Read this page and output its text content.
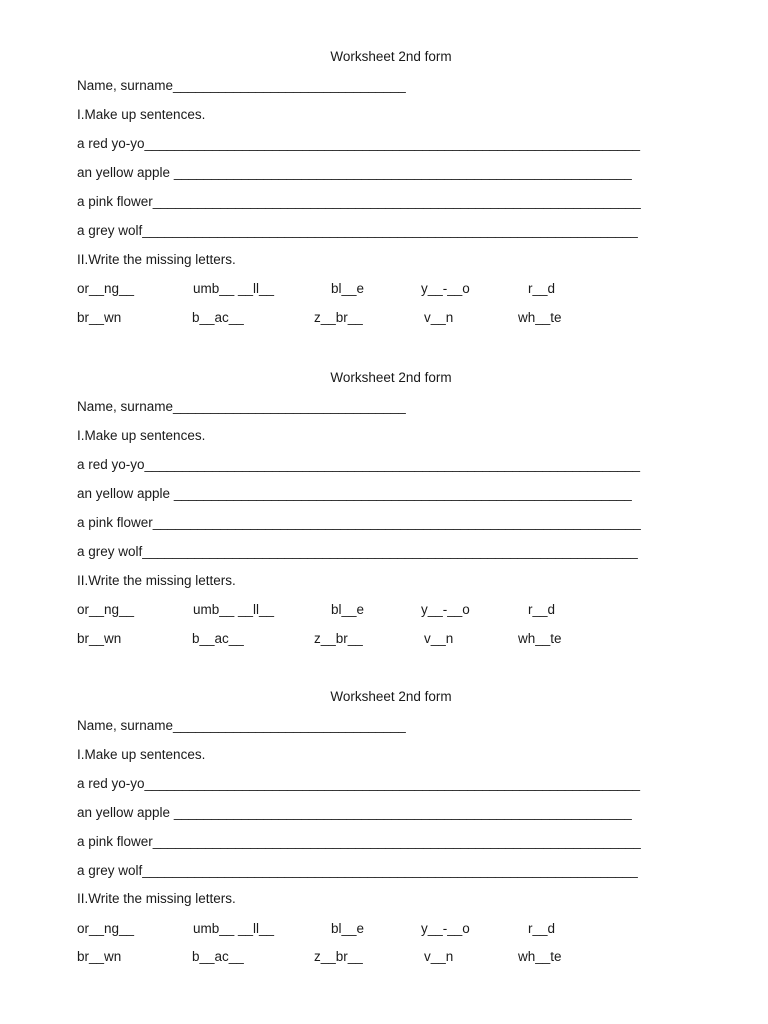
Worksheet 2nd form
Name, surname_______________________________
I.Make up sentences.
a red yo-yo__________________________________________________________________
an yellow apple _____________________________________________________________
a pink flower_________________________________________________________________
a grey wolf__________________________________________________________________
II.Write the missing letters.
or__ng__	umb__ __ll__	bl__e	y__-__o	r__d
br__wn	b__ac__	z__br__	v__n	wh__te
Worksheet 2nd form
Name, surname_______________________________
I.Make up sentences.
a red yo-yo__________________________________________________________________
an yellow apple _____________________________________________________________
a pink flower_________________________________________________________________
a grey wolf__________________________________________________________________
II.Write the missing letters.
or__ng__	umb__ __ll__	bl__e	y__-__o	r__d
br__wn	b__ac__	z__br__	v__n	wh__te
Worksheet 2nd form
Name, surname_______________________________
I.Make up sentences.
a red yo-yo__________________________________________________________________
an yellow apple _____________________________________________________________
a pink flower_________________________________________________________________
a grey wolf__________________________________________________________________
II.Write the missing letters.
or__ng__	umb__ __ll__	bl__e	y__-__o	r__d
br__wn	b__ac__	z__br__	v__n	wh__te
